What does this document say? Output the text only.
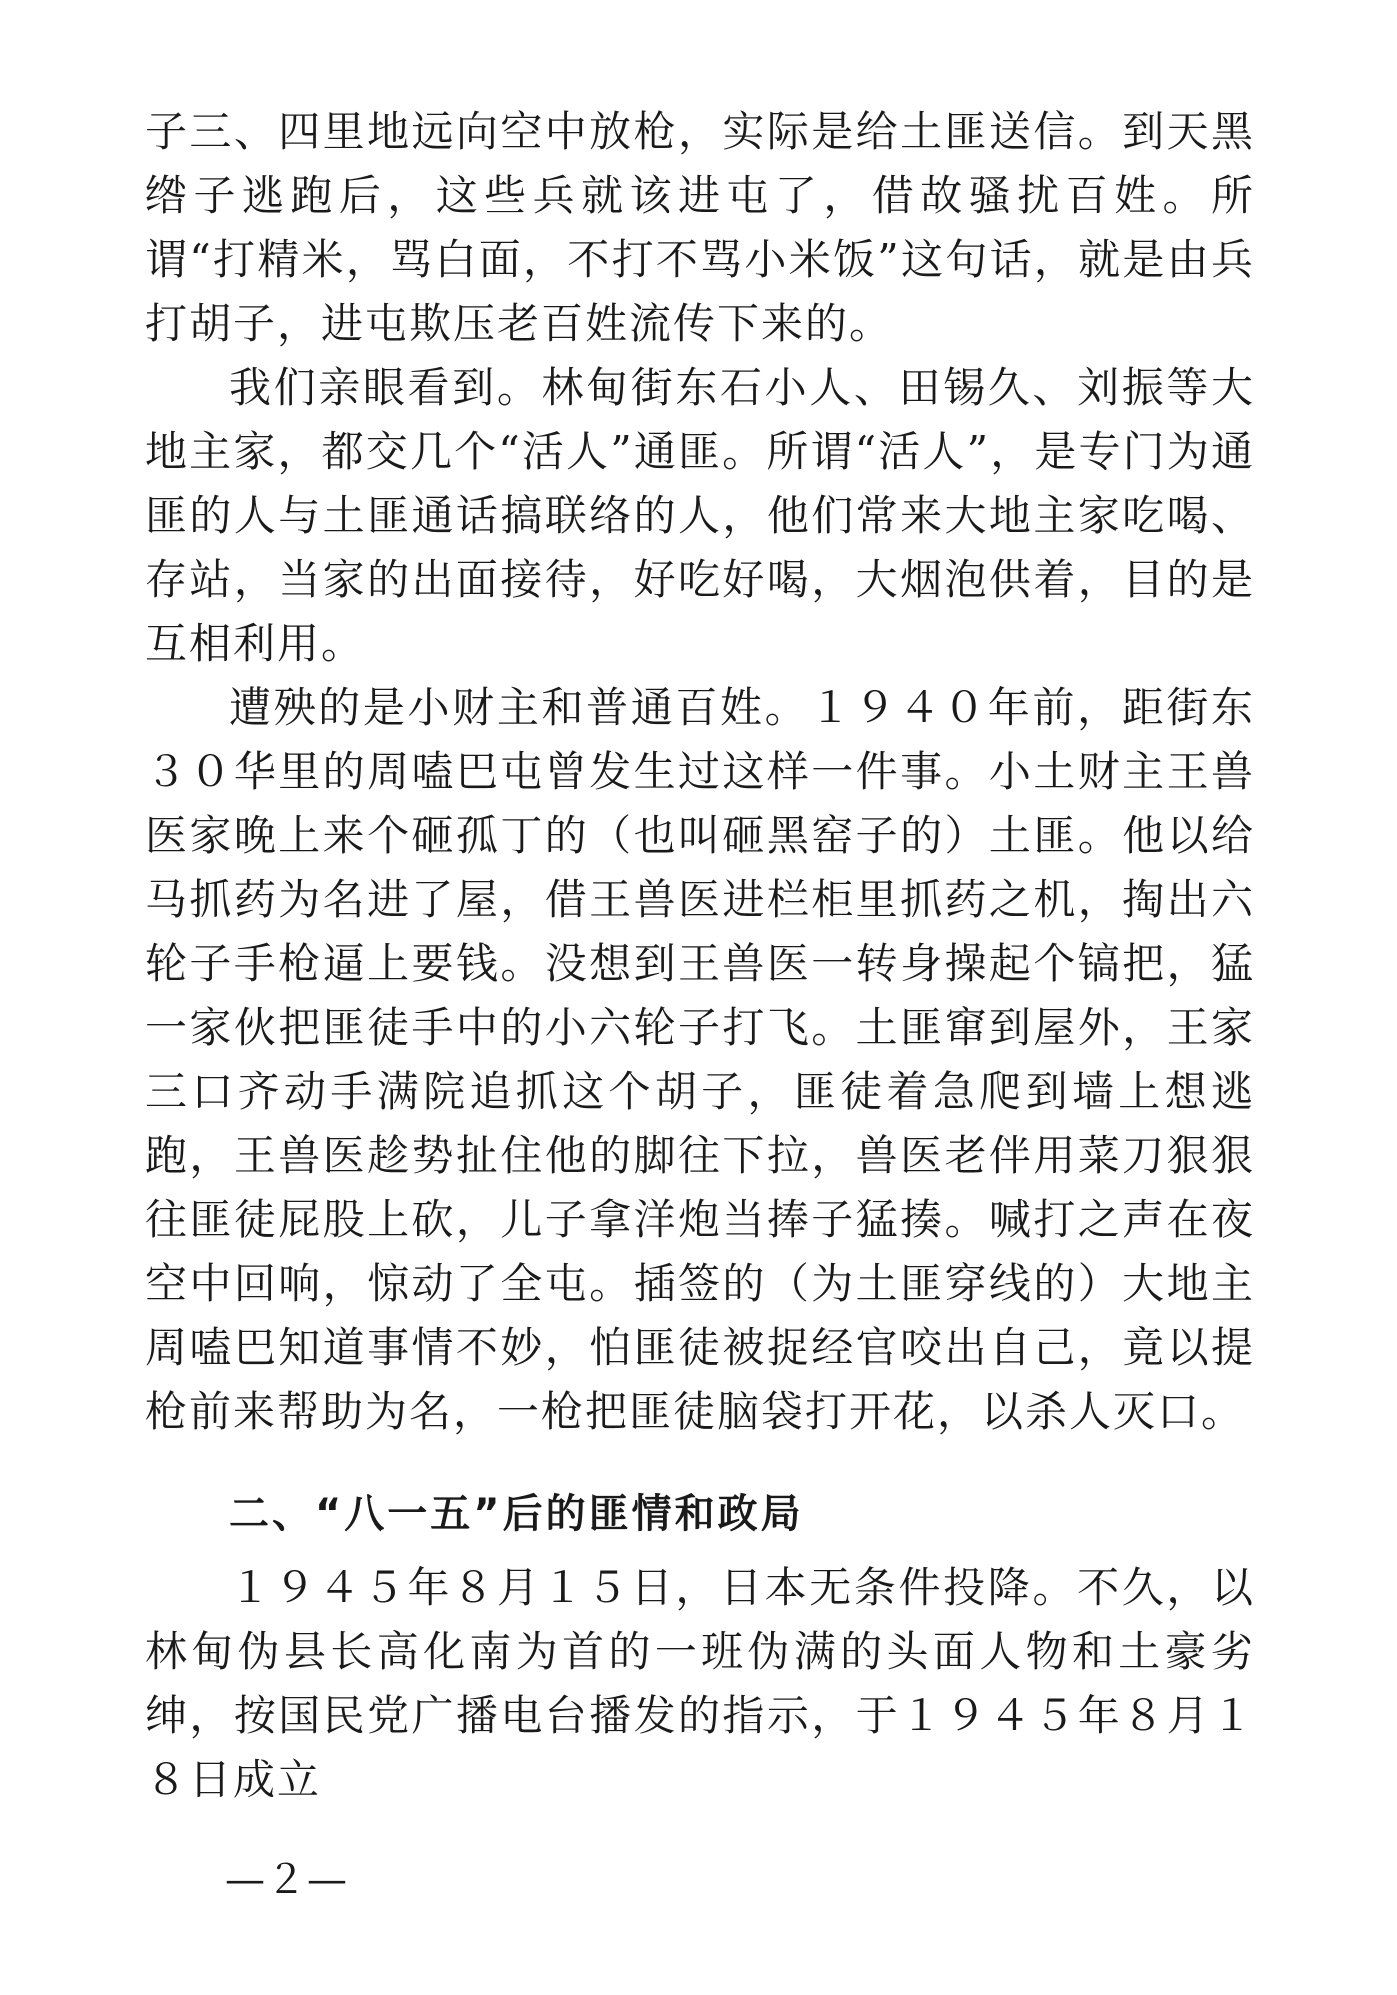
子三、四里地远向空中放枪，实际是给土匪送信。到天黑绺子逃跑后，这些兵就该进屯了，借故骚扰百姓。所谓“打精米，骂白面，不打不骂小米饭”这句话，就是由兵打胡子，进屯欺压老百姓流传下来的。

我们亲眼看到。林甸街东石小人、田锡久、刘振等大地主家，都交几个“活人”通匪。所谓“活人”，是专门为通匪的人与土匪通话搞联络的人，他们常来大地主家吃喝、存站，当家的出面接待，好吃好喝，大烟泡供着，目的是互相利用。

遭殃的是小财主和普通百姓。１９４０年前，距街东３０华里的周嗑巴屯曾发生过这样一件事。小土财主王兽医家晚上来个砸孤丁的（也叫砸黑窑子的）土匪。他以给马抓药为名进了屋，借王兽医进栏柜里抓药之机，掏出六轮子手枪逼上要钱。没想到王兽医一转身操起个镐把，猛一家伙把匪徒手中的小六轮子打飞。土匪窜到屋外，王家三口齐动手满院追抓这个胡子，匪徒着急爬到墙上想逃跑，王兽医趁势扯住他的脚往下拉，兽医老伴用菜刀狠狠往匪徒屁股上砍，儿子拿洋炮当捧子猛揍。喊打之声在夜空中回响，惊动了全屯。插签的（为土匪穿线的）大地主周嗑巴知道事情不妙，怕匪徒被捉经官咬出自己，竟以提枪前来帮助为名，一枪把匪徒脑袋打开花，以杀人灭口。

二、“八一五”后的匪情和政局

１９４５年８月１５日，日本无条件投降。不久，以林甸伪县长高化南为首的一班伪满的头面人物和土豪劣绅，按国民党广播电台播发的指示，于１９４５年８月１８日成立

—２—
